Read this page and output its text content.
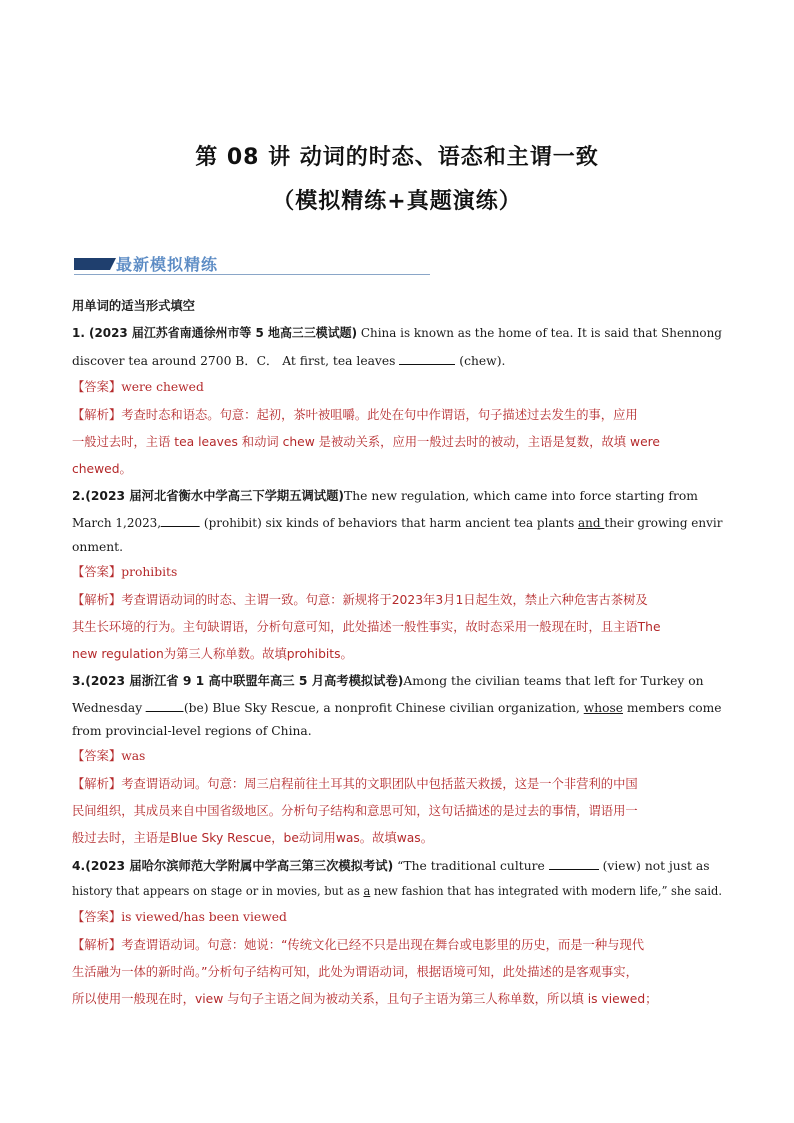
第 08 讲 动词的时态、语态和主谓一致
（模拟精练+真题演练）
最新模拟精练
用单词的适当形式填空
1. (2023 届江苏省南通徐州市等 5 地高三三模试题) China is known as the home of tea. It is said that Shennong
discover tea around 2700 B．C． At first, tea leaves	(chew).
【答案】were chewed
【解析】考查时态和语态。句意：起初，茶叶被咀嚼。此处在句中作谓语，句子描述过去发生的事，应用
一般过去时，主语 tea leaves 和动词 chew 是被动关系，应用一般过去时的被动，主语是复数，故填 were
chewed。
2.(2023 届河北省衡水中学高三下学期五调试题)The new regulation, which came into force starting from
March 1,2023,	(prohibit) six kinds of behaviors that harm ancient tea plants and their growing envir
onment.
【答案】prohibits
【解析】考查谓语动词的时态、主谓一致。句意：新规将于2023年3月1日起生效，禁止六种危害古茶树及
其生长环境的行为。主句缺谓语，分析句意可知，此处描述一般性事实，故时态采用一般现在时，且主语The
new regulation为第三人称单数。故填prohibits。
3.(2023 届浙江省 9 1 高中联盟年高三 5 月高考模拟试卷)Among the civilian teams that left for Turkey on
Wednesday	(be) Blue Sky Rescue, a nonprofit Chinese civilian organization, whose members come
from provincial-level regions of China.
【答案】was
【解析】考查谓语动词。句意：周三启程前往土耳其的文职团队中包括蓝天救援，这是一个非营利的中国
民间组织，其成员来自中国省级地区。分析句子结构和意思可知，这句话描述的是过去的事情，谓语用一
般过去时，主语是Blue Sky Rescue，be动词用was。故填was。
4.(2023 届哈尔滨师范大学附属中学高三第三次模拟考试) “The traditional culture	(view) not just as
history that appears on stage or in movies, but as a new fashion that has integrated with modern life,” she said.
【答案】is viewed/has been viewed
【解析】考查谓语动词。句意：她说：“传统文化已经不只是出现在舞台或电影里的历史，而是一种与现代
生活融为一体的新时尚。”分析句子结构可知，此处为谓语动词，根据语境可知，此处描述的是客观事实，
所以使用一般现在时，view 与句子主语之间为被动关系，且句子主语为第三人称单数，所以填 is viewed；
